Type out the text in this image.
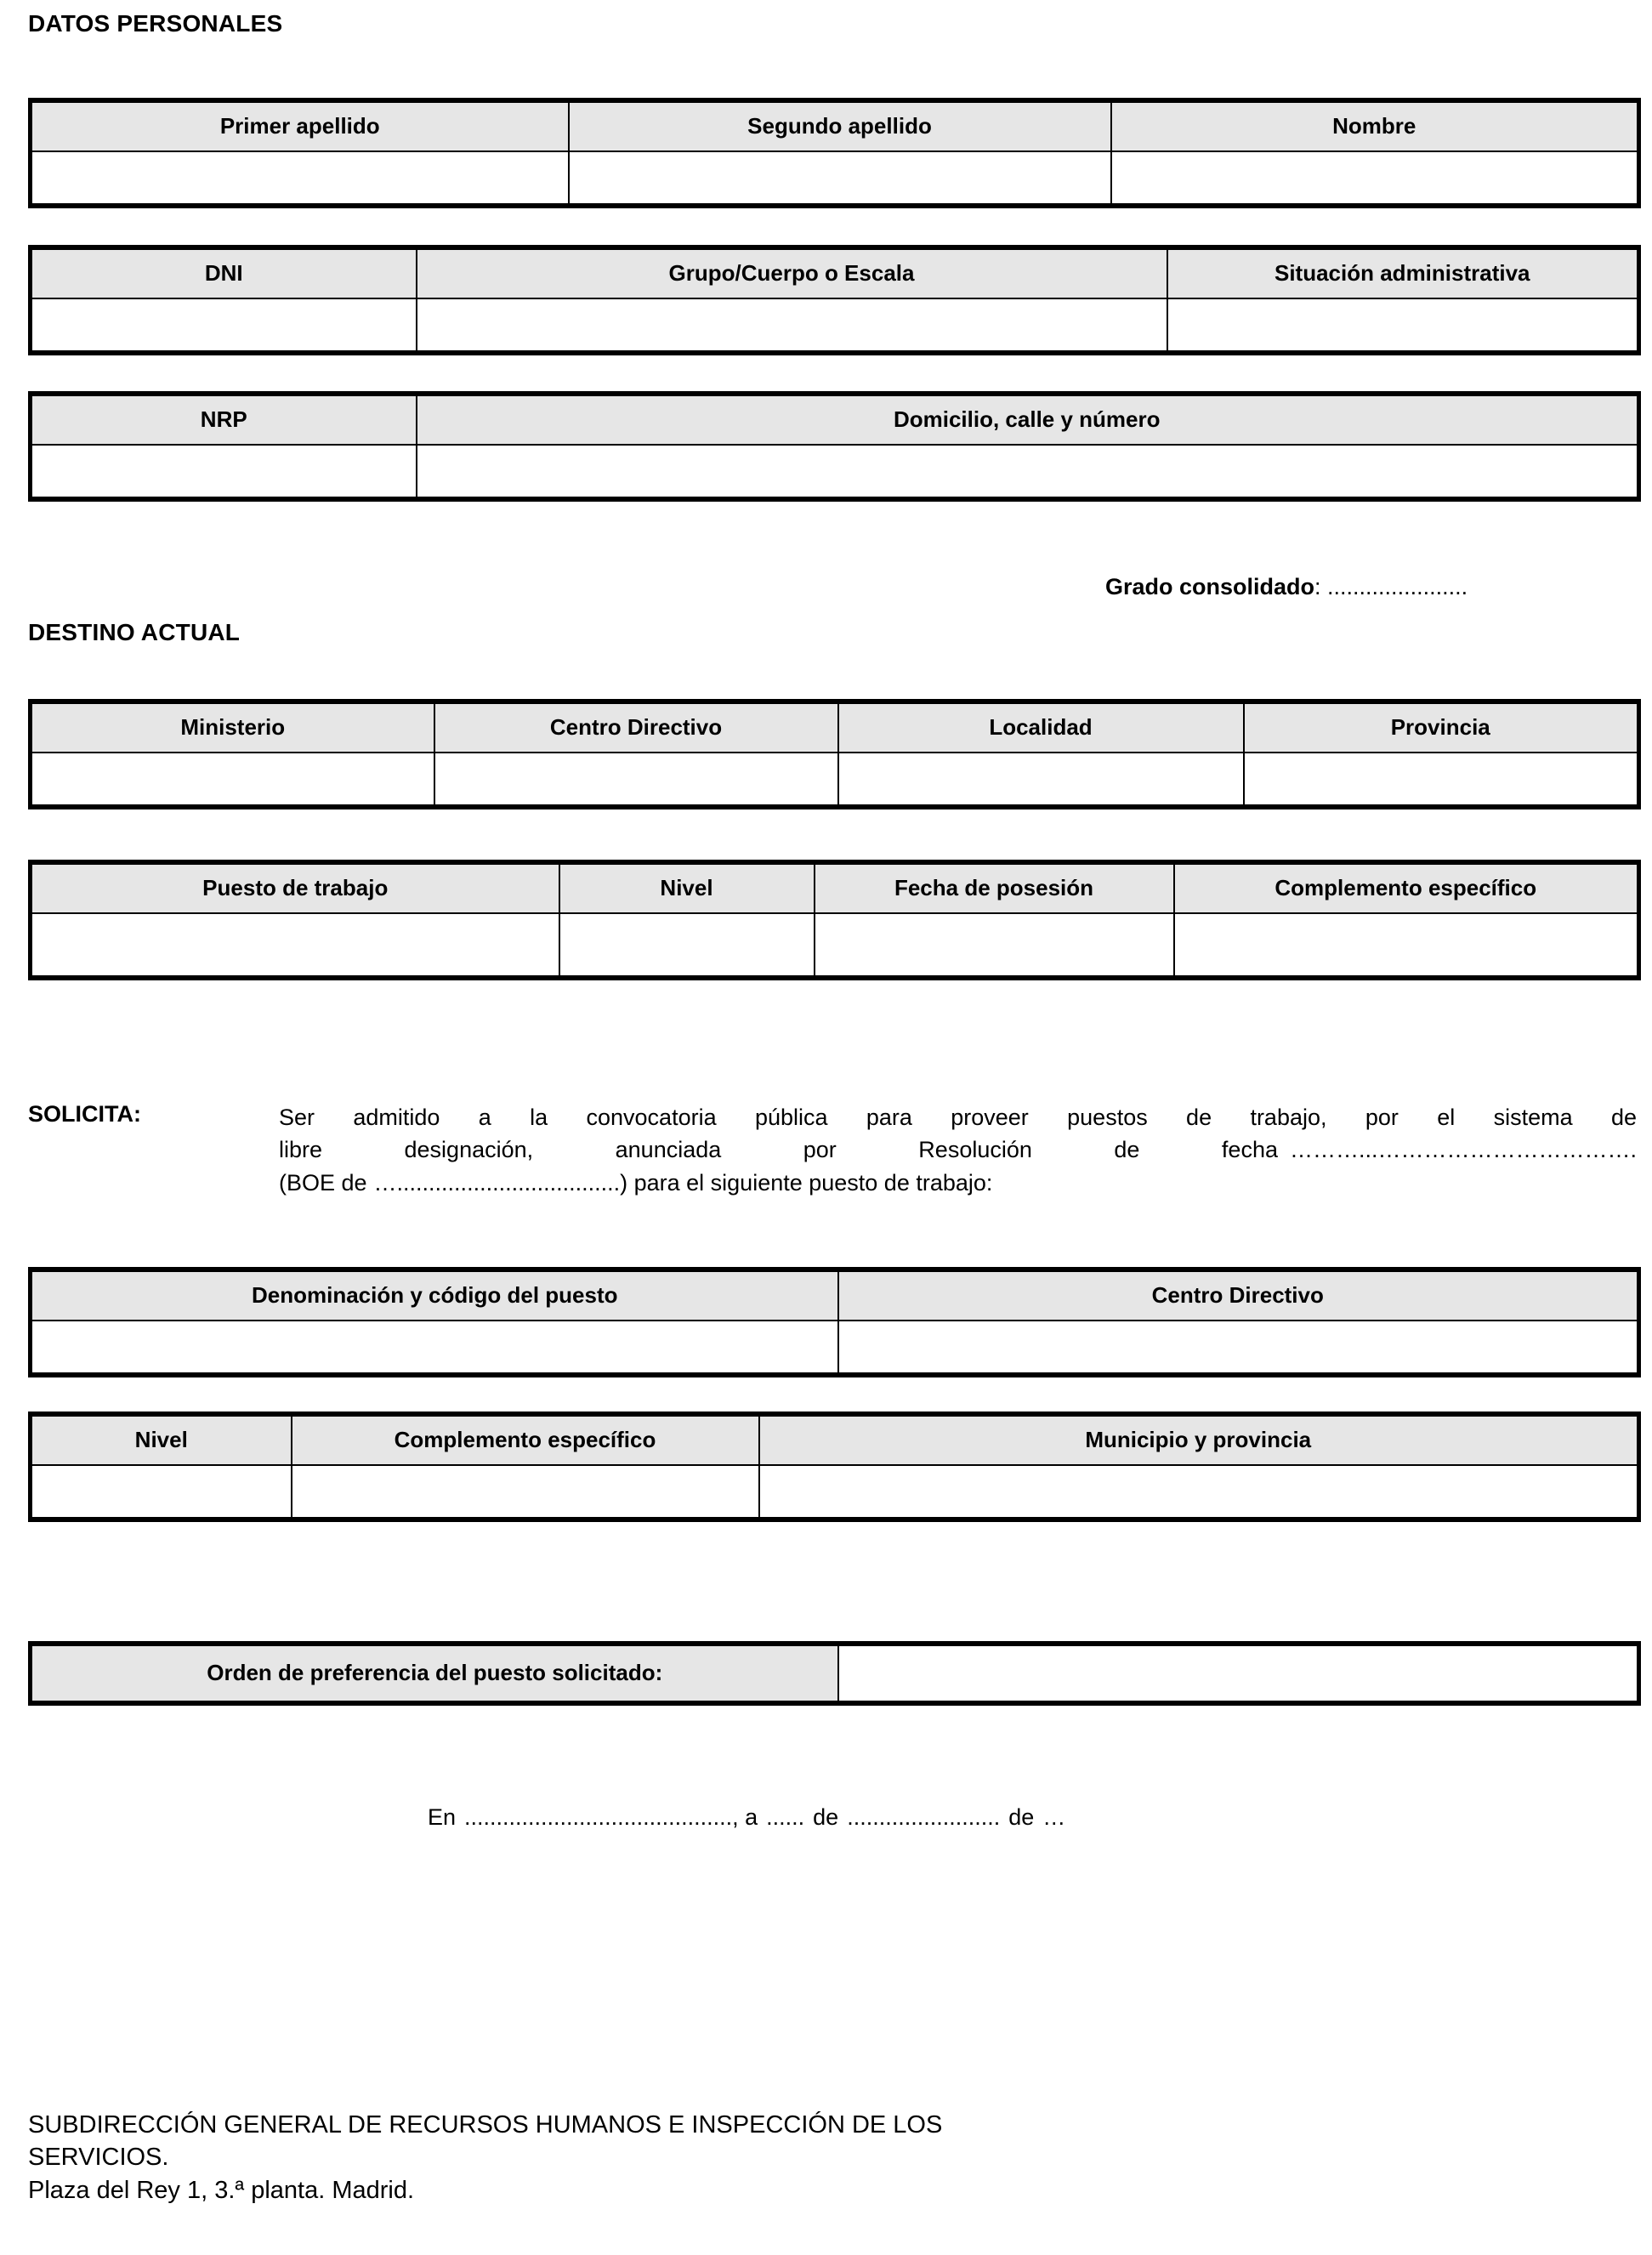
DATOS PERSONALES
Primer apellido	Segundo apellido	Nombre

DNI	Grupo/Cuerpo o Escala	Situación administrativa

NRP	Domicilio, calle y número

Grado consolidado: ......................
DESTINO ACTUAL
Ministerio	Centro Directivo	Localidad	Provincia

Puesto de trabajo	Nivel	Fecha de posesión	Complemento específico

SOLICITA:	Ser admitido a la convocatoria pública para proveer puestos de trabajo, por el sistema de
libre designación, anunciada por Resolución de fecha ………...…………………………….
(BOE de …...................................) para el siguiente puesto de trabajo:
Denominación y código del puesto	Centro Directivo

Nivel	Complemento específico	Municipio y provincia

Orden de preferencia del puesto solicitado:	
En .........................................., a ...... de ........................ de …
SUBDIRECCIÓN GENERAL DE RECURSOS HUMANOS E INSPECCIÓN DE LOS
SERVICIOS.
Plaza del Rey 1, 3.ª planta. Madrid.
